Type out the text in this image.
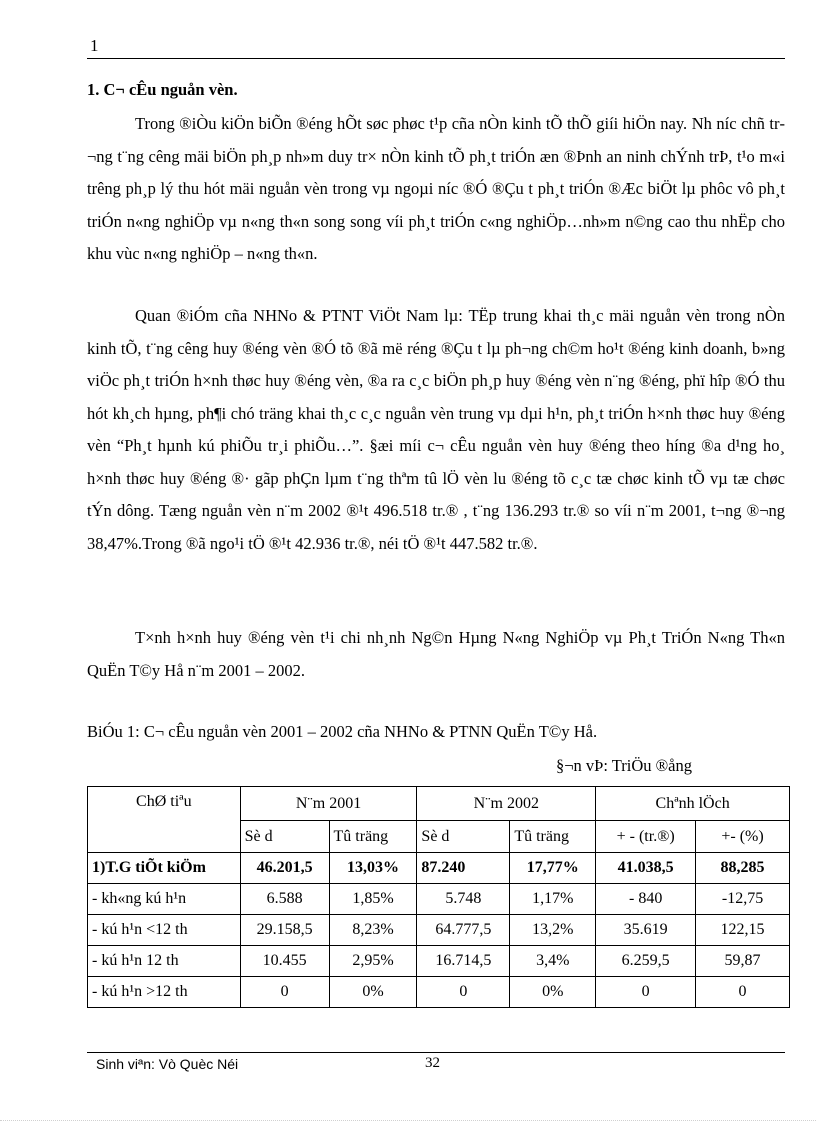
1
1. C¬ cÊu nguån vèn.

Trong ®iÒu kiÖn biÕn ®éng hÕt søc phøc t¹p cña nÒn kinh tÕ thÕ giíi hiÖn nay. Nh níc chñ tr¬ng t¨ng cêng mäi biÖn ph¸p nh»m duy tr× nÒn kinh tÕ ph¸t triÓn æn ®Þnh an ninh chÝnh trÞ, t¹o m«i trêng ph¸p lý thu hót mäi nguån vèn trong vµ ngoµi níc ®Ó ®Çu t ph¸t triÓn ®Æc biÖt lµ phôc vô ph¸t triÓn n«ng nghiÖp vµ n«ng th«n song song víi ph¸t triÓn c«ng nghiÖp…nh»m n©ng cao thu nhËp cho khu vùc n«ng nghiÖp – n«ng th«n.

Quan ®iÓm cña NHNo & PTNT ViÖt Nam lµ: TËp trung khai th¸c mäi nguån vèn trong nÒn kinh tÕ, t¨ng cêng huy ®éng vèn ®Ó tõ ®ã më réng ®Çu t lµ ph¬ng ch©m ho¹t ®éng kinh doanh, b»ng viÖc ph¸t triÓn h×nh thøc huy ®éng vèn, ®a ra c¸c biÖn ph¸p huy ®éng vèn n¨ng ®éng, phï hîp ®Ó thu hót kh¸ch hµng, ph¶i chó träng khai th¸c c¸c nguån vèn trung vµ dµi h¹n, ph¸t triÓn h×nh thøc huy ®éng vèn “Ph¸t hµnh kú phiÕu tr¸i phiÕu…”. §æi míi c¬ cÊu nguån vèn huy ®éng theo híng ®a d¹ng ho¸ h×nh thøc huy ®éng ®· gãp phÇn lµm t¨ng thªm tû lÖ vèn lu ®éng tõ c¸c tæ chøc kinh tÕ vµ tæ chøc tÝn dông. Tæng nguån vèn n¨m 2002 ®¹t 496.518 tr.® , t¨ng 136.293 tr.® so víi n¨m 2001, t¬ng ®¬ng 38,47%.Trong ®ã ngo¹i tÖ ®¹t 42.936 tr.®, néi tÖ ®¹t 447.582 tr.®.

T×nh h×nh huy ®éng vèn t¹i chi nh¸nh Ng©n Hµng N«ng NghiÖp vµ Ph¸t TriÓn N«ng Th«n QuËn T©y Hå n¨m 2001 – 2002.

BiÓu 1: C¬ cÊu nguån vèn 2001 – 2002 cña NHNo & PTNN QuËn T©y Hå.
§¬n vÞ: TriÖu ®ång
ChØ tiªu	N¨m 2001		N¨m 2002		Chªnh lÖch	
	Sè d	Tû träng	Sè d	Tû träng	+ - (tr.®)	+- (%)
1)T.G tiÕt kiÖm	46.201,5	13,03%	87.240	17,77%	41.038,5	88,285
- kh«ng kú h¹n	6.588	1,85%	5.748	1,17%	- 840	-12,75
- kú h¹n <12 th	29.158,5	8,23%	64.777,5	13,2%	35.619	122,15
- kú h¹n 12 th	10.455	2,95%	16.714,5	3,4%	6.259,5	59,87
- kú h¹n >12 th	0	0%	0	0%	0	0
Sinh viªn: Vò Quèc Néi	32
